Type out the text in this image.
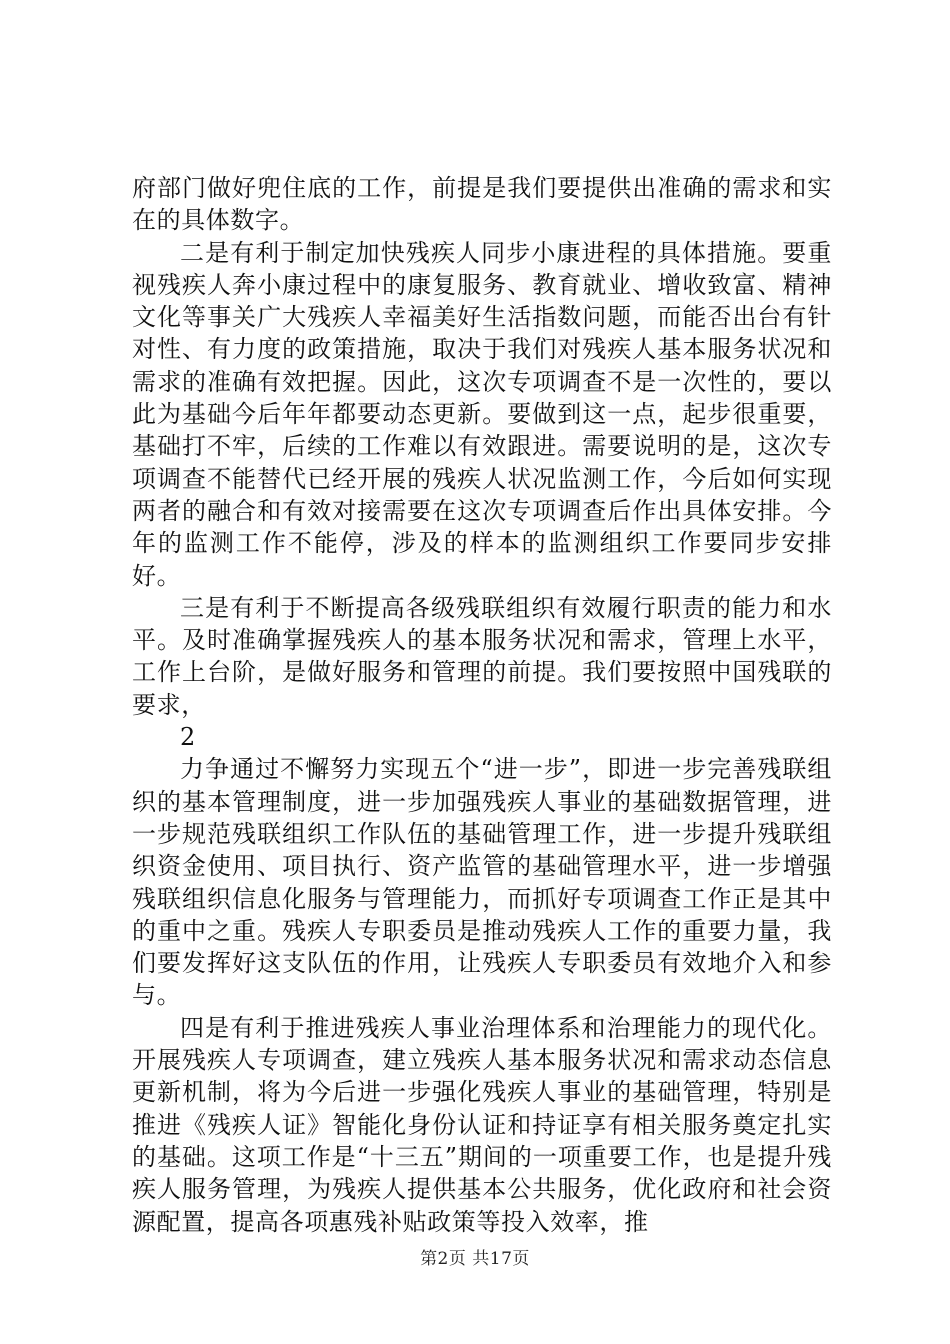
府部门做好兜住底的工作，前提是我们要提供出准确的需求和实在的具体数字。

二是有利于制定加快残疾人同步小康进程的具体措施。要重视残疾人奔小康过程中的康复服务、教育就业、增收致富、精神文化等事关广大残疾人幸福美好生活指数问题，而能否出台有针对性、有力度的政策措施，取决于我们对残疾人基本服务状况和需求的准确有效把握。因此，这次专项调查不是一次性的，要以此为基础今后年年都要动态更新。要做到这一点，起步很重要，基础打不牢，后续的工作难以有效跟进。需要说明的是，这次专项调查不能替代已经开展的残疾人状况监测工作，今后如何实现两者的融合和有效对接需要在这次专项调查后作出具体安排。今年的监测工作不能停，涉及的样本的监测组织工作要同步安排好。

三是有利于不断提高各级残联组织有效履行职责的能力和水平。及时准确掌握残疾人的基本服务状况和需求，管理上水平，工作上台阶，是做好服务和管理的前提。我们要按照中国残联的要求，

2

力争通过不懈努力实现五个“进一步”，即进一步完善残联组织的基本管理制度，进一步加强残疾人事业的基础数据管理，进一步规范残联组织工作队伍的基础管理工作，进一步提升残联组织资金使用、项目执行、资产监管的基础管理水平，进一步增强残联组织信息化服务与管理能力，而抓好专项调查工作正是其中的重中之重。残疾人专职委员是推动残疾人工作的重要力量，我们要发挥好这支队伍的作用，让残疾人专职委员有效地介入和参与。

四是有利于推进残疾人事业治理体系和治理能力的现代化。开展残疾人专项调查，建立残疾人基本服务状况和需求动态信息更新机制，将为今后进一步强化残疾人事业的基础管理，特别是推进《残疾人证》智能化身份认证和持证享有相关服务奠定扎实的基础。这项工作是“十三五”期间的一项重要工作，也是提升残疾人服务管理，为残疾人提供基本公共服务，优化政府和社会资源配置，提高各项惠残补贴政策等投入效率，推

第2页 共17页
